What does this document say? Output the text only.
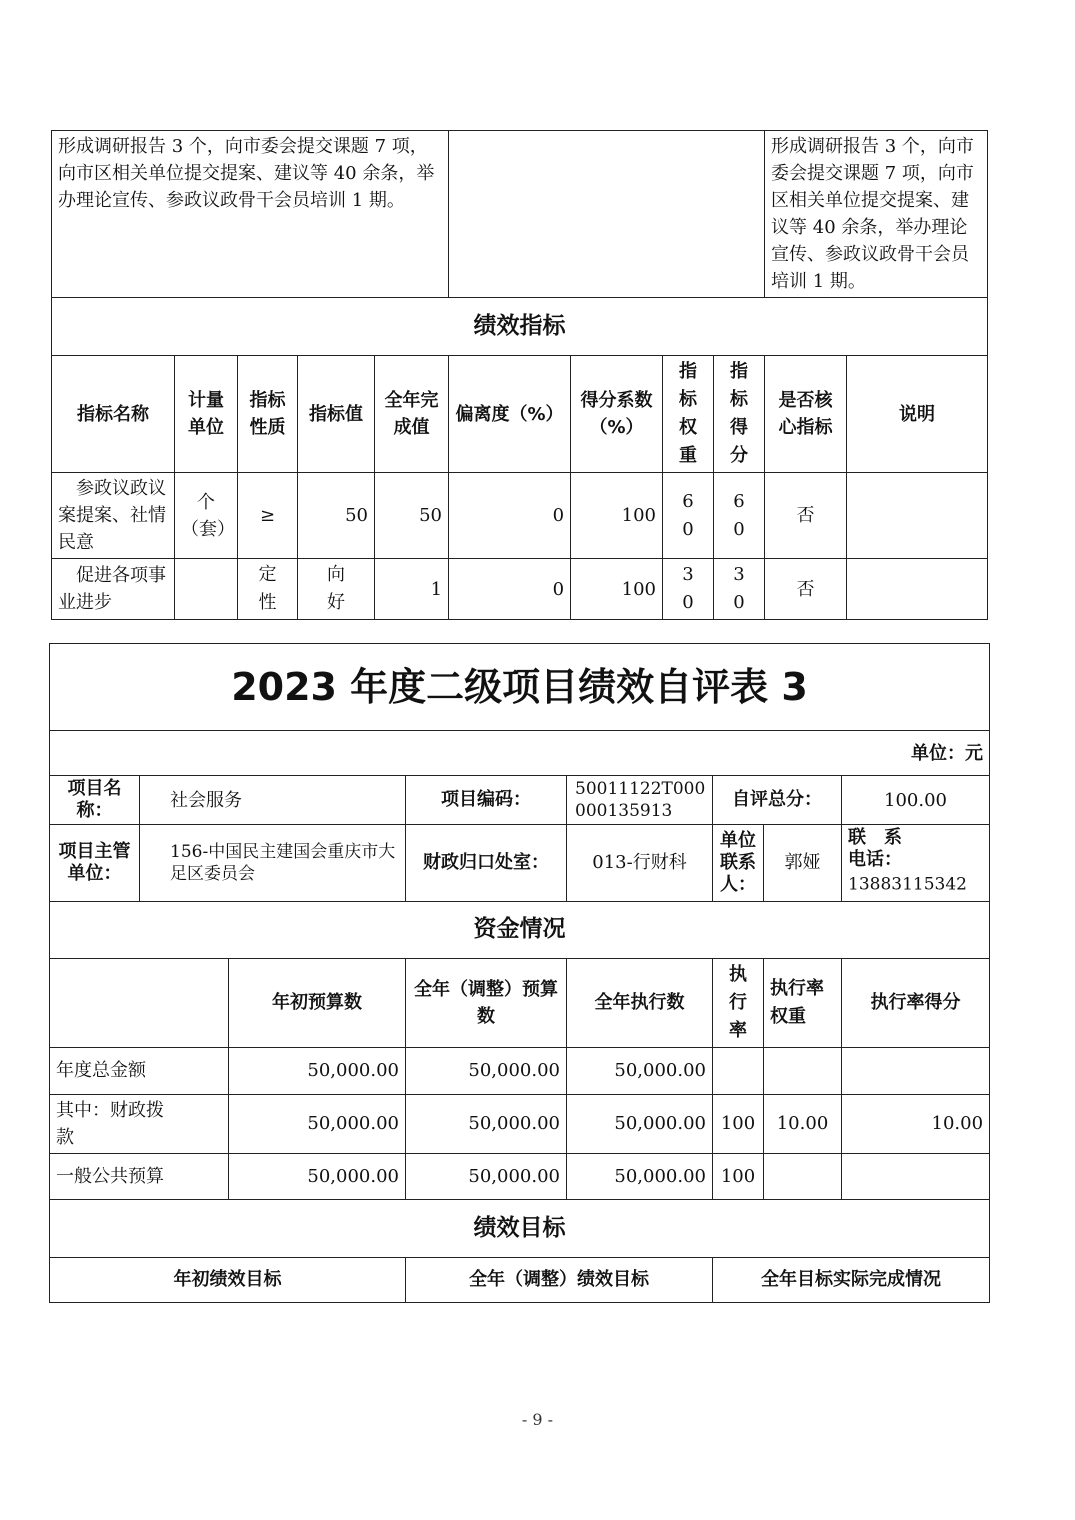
形成调研报告 3 个，向市委会提交课题 7 项，向市区相关单位提交提案、建议等 40 余条，举办理论宣传、参政议政骨干会员培训 1 期。									形成调研报告 3 个，向市委会提交课题 7 项，向市区相关单位提交提案、建议等 40 余条，举办理论宣传、参政议政骨干会员培训 1 期。	
绩效指标										
指标名称	计量单位	指标性质	指标值	全年完成值	偏离度（%）	得分系数（%）	指标权重	指标得分	是否核心指标	说明
参政议政议案提案、社情民意	个（套）	≥	50	50	0	100	60	60	否	
促进各项事业进步		定性	向好	1	0	100	30	30	否	
2023 年度二级项目绩效自评表 3							
单位：元							
项目名称：	社会服务		项目编码：	50011122T000000135913	自评总分：		100.00
项目主管单位：	156-中国民主建国会重庆市大足区委员会		财政归口处室：	013-行财科	单位联系人：	郭娅	联　系电话： 13883115342
资金情况							
		年初预算数	全年（调整）预算数	全年执行数	执行率	执行率权重	执行率得分
年度总金额		50,000.00	50,000.00	50,000.00			

其中：财政拨款		50,000.00	50,000.00	50,000.00	100	10.00	10.00
一般公共预算		50,000.00	50,000.00	50,000.00	100		
绩效目标							
年初绩效目标			全年（调整）绩效目标		全年目标实际完成情况		
- 9 -
